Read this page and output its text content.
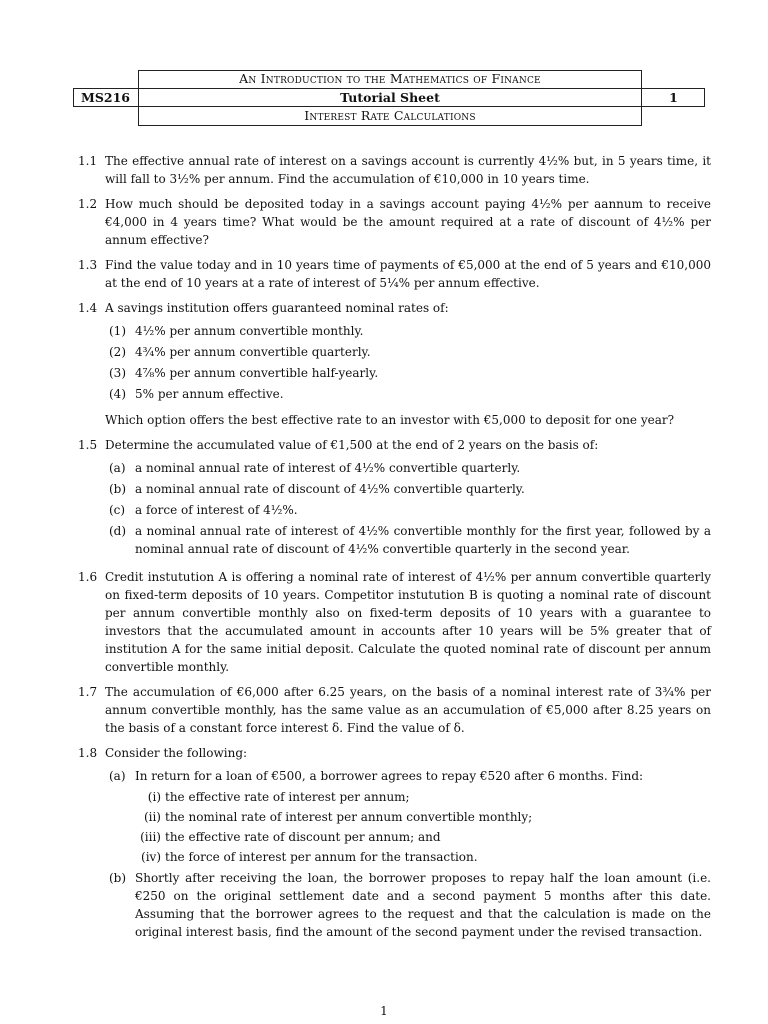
An Introduction to the Mathematics of Finance
MS216	Tutorial Sheet	1
Interest Rate Calculations
1.1 The effective annual rate of interest on a savings account is currently 4½% but, in 5 years time, it will fall to 3½% per annum. Find the accumulation of €10,000 in 10 years time.
1.2 How much should be deposited today in a savings account paying 4½% per aannum to receive €4,000 in 4 years time? What would be the amount required at a rate of discount of 4½% per annum effective?
1.3 Find the value today and in 10 years time of payments of €5,000 at the end of 5 years and €10,000 at the end of 10 years at a rate of interest of 5¼% per annum effective.
1.4 A savings institution offers guaranteed nominal rates of:
(1) 4½% per annum convertible monthly.
(2) 4¾% per annum convertible quarterly.
(3) 4⅞% per annum convertible half-yearly.
(4) 5% per annum effective.
Which option offers the best effective rate to an investor with €5,000 to deposit for one year?
1.5 Determine the accumulated value of €1,500 at the end of 2 years on the basis of:
(a) a nominal annual rate of interest of 4½% convertible quarterly.
(b) a nominal annual rate of discount of 4½% convertible quarterly.
(c) a force of interest of 4½%.
(d) a nominal annual rate of interest of 4½% convertible monthly for the first year, followed by a nominal annual rate of discount of 4½% convertible quarterly in the second year.
1.6 Credit instutution A is offering a nominal rate of interest of 4½% per annum convertible quarterly on fixed-term deposits of 10 years. Competitor instutution B is quoting a nominal rate of discount per annum convertible monthly also on fixed-term deposits of 10 years with a guarantee to investors that the accumulated amount in accounts after 10 years will be 5% greater that of institution A for the same initial deposit. Calculate the quoted nominal rate of discount per annum convertible monthly.
1.7 The accumulation of €6,000 after 6.25 years, on the basis of a nominal interest rate of 3¾% per annum convertible monthly, has the same value as an accumulation of €5,000 after 8.25 years on the basis of a constant force interest δ. Find the value of δ.
1.8 Consider the following:
(a) In return for a loan of €500, a borrower agrees to repay €520 after 6 months. Find:
(i) the effective rate of interest per annum;
(ii) the nominal rate of interest per annum convertible monthly;
(iii) the effective rate of discount per annum; and
(iv) the force of interest per annum for the transaction.
(b) Shortly after receiving the loan, the borrower proposes to repay half the loan amount (i.e. €250 on the original settlement date and a second payment 5 months after this date. Assuming that the borrower agrees to the request and that the calculation is made on the original interest basis, find the amount of the second payment under the revised transaction.
1
